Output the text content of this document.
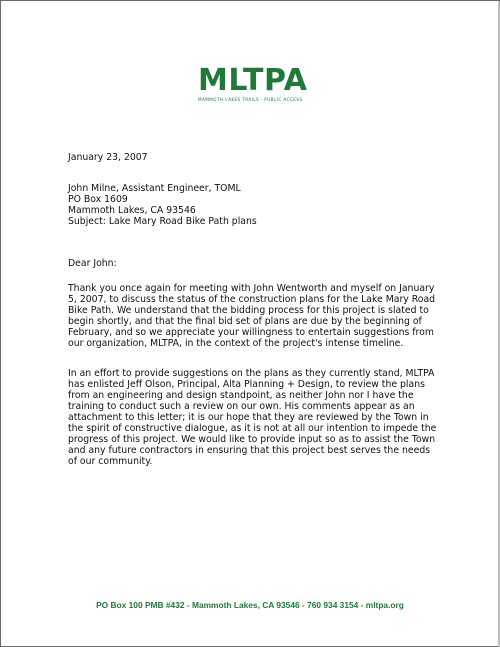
MLTPA
MAMMOTH LAKES TRAILS · PUBLIC ACCESS
January 23, 2007
John Milne, Assistant Engineer, TOML
PO Box 1609
Mammoth Lakes, CA 93546
Subject: Lake Mary Road Bike Path plans
Dear John:
Thank you once again for meeting with John Wentworth and myself on January 5, 2007, to discuss the status of the construction plans for the Lake Mary Road Bike Path. We understand that the bidding process for this project is slated to begin shortly, and that the final bid set of plans are due by the beginning of February, and so we appreciate your willingness to entertain suggestions from our organization, MLTPA, in the context of the project's intense timeline.
In an effort to provide suggestions on the plans as they currently stand, MLTPA has enlisted Jeff Olson, Principal, Alta Planning + Design, to review the plans from an engineering and design standpoint, as neither John nor I have the training to conduct such a review on our own. His comments appear as an attachment to this letter; it is our hope that they are reviewed by the Town in the spirit of constructive dialogue, as it is not at all our intention to impede the progress of this project. We would like to provide input so as to assist the Town and any future contractors in ensuring that this project best serves the needs of our community.
PO Box 100 PMB #432 - Mammoth Lakes, CA 93546 - 760 934 3154 - mltpa.org
